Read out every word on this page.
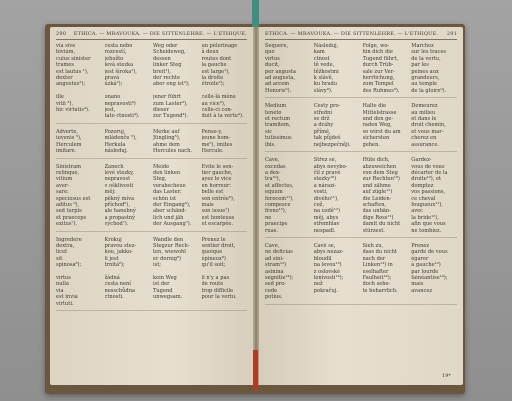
290 ETHICA. — MRAVOUKA. — DIE SITTENLEHRE. — L'ETHIQUE.
via sive
bivium,
cuius sinister
trames
est lautus ¹),
dexter
angustus²);

ille
vitii ³),
hic virtutis⁴).
cesta nebo
rozcestí,
jehožto
levá stezka
jest široka¹),
pravá
úzká²);

onano
nepravosti⁴)
jest,
tato ctnosti⁴).
Weg oder
Scheideweg,
dessen
linker Steg
breit¹),
der rechte
aber eng ist²);

jener führt
zum Laster³),
dieser
zur Tugend⁴).
un pélerinage
à deux
routes dont
la gauche
est large¹),
la droite
étroite²);

celle-là mène
au vice³),
celle-ci con-
duit à la vertu⁴).
Adverte,
iuvenis ⁵),
Herculem
imitare.
Pozoruj,
mládenče ⁵),
Herkula
následuj.
Merke auf
Jüngling⁵),
ahme dem
Hercules nach.
Pense-y,
jeune hom-
me⁵), imites
Hercule.
Sinistram
relinque,
vitium
aver-
sare:
speciosus est
aditus ⁶),
sed turpis
et praeceps
exitus⁷).
Zanech
levé stezky,
nepravost
v ošklivosti
měj:
pěkný míva
příchod⁶),
ale hanebný
a propastný
východ⁷).
Meide
den linken
Steg,
verabscheue
das Laster:
schön ist
der Eingang⁶),
aber schänd-
lich und jäh
der Ausgang⁷).
Evite le sen-
tier gauche,
ayez le vice
en horreur:
belle est
son entrée⁶),
mais
son issue⁷)
est honteuse
et escarpée.
Ingredere
dextra,
licet
sit
spinosa⁸);

virtus
nulla
via
est invia
virtuti.
Krokuj
pravou stez-
kou, jakko-
li jest
trnitá⁸);

žádná
cesta není
nesschůdna
ctnosti.
Wandle den
Stegzur Rech-
ten, wiewohl
er dornig⁸)
ist;

kein Weg
ist der
Tugend
unwegsam.
Prenez le
sentier droit,
quoique
épineux⁸)
qu'il soit;

il n'y a pas
de route
trop difficile
pour la vertu.
ETHICA. — MRAVOUKA. — DIE SITTENLEHRE. — L'ETHIQUE. 291
Sequere,
quo
virtus
ducit,
per angusta
ad augusta,
ad arcem
Honoris⁹).
Následuj,
kam
ctnost
tě vede,
těžkostmi
k slávě,
ku hradu
slávy⁹).
Folge, wo-
hin dich die
Tugend führt,
durch Trüb-
sale zur Ver-
herrlichung,
zum Tempel
des Ruhmes⁹).
Marchez
sur les traces
de la vertu,
par les
peines aux
grandeurs,
au temple
de la gloire⁹).
Medium
teneto
et rectum
tramitem,
sic
tutissimus
ibis.
Cesty pro-
střední
se drž
a dráhy
přímé,
tak půjdeš
nejbezpečněji.
Halte die
Mittelstrasse
und den ge-
raden Weg,
so wirst du am
sichersten
gehen.
Demeurez
au milieu
et dans le
droit chemin,
et vous mar-
cherez en
assurance.
Cave,
excedas
a dex-
tra¹⁰),
et affectes,
equum
ferocem¹¹),
compesce
freno¹²),
ne
praecipe
ruas.
Střez se,
abys nevybo-
čil z pravé
stezky¹⁰)
a nárazi-
vosti,
divého¹¹),
což,
na uzdě¹²)
měj, abys
střemhlav
nespadl.
Hüte dich,
abzuweichen
von dem Steg
zur Rechten¹⁰)
und zähme
auf zügle¹¹)
die Leiden-
schaften,
das unbän-
dige Ross¹¹)
damit du nicht
stürzest.
Gardez-
vous de vous
décarter de la
droite¹⁰), et
domptez
vos passions,
ce cheval
fougueux¹¹),
avec
la bride¹²),
afin que vous
ne tombiez.
Cave,
ne deficias
ad sini-
stram¹³)
asinina
segnitie¹⁴);
sed pro-
cede
potius.
Cavě se,
abys nezaz-
bloudil
na levou¹³)
z oslovské
lenivosti¹⁴);
než
pokračuj.
Sieh zu,
dass du nicht
nach der
Linken¹³) in
eselhafter
Faulheit¹⁴);
doch sehe-
te beharrlich.
Prenez
garde de vous
égarer
à gauche¹³)
par lourde
fainéantise¹⁴);
mais
avancez
19*
